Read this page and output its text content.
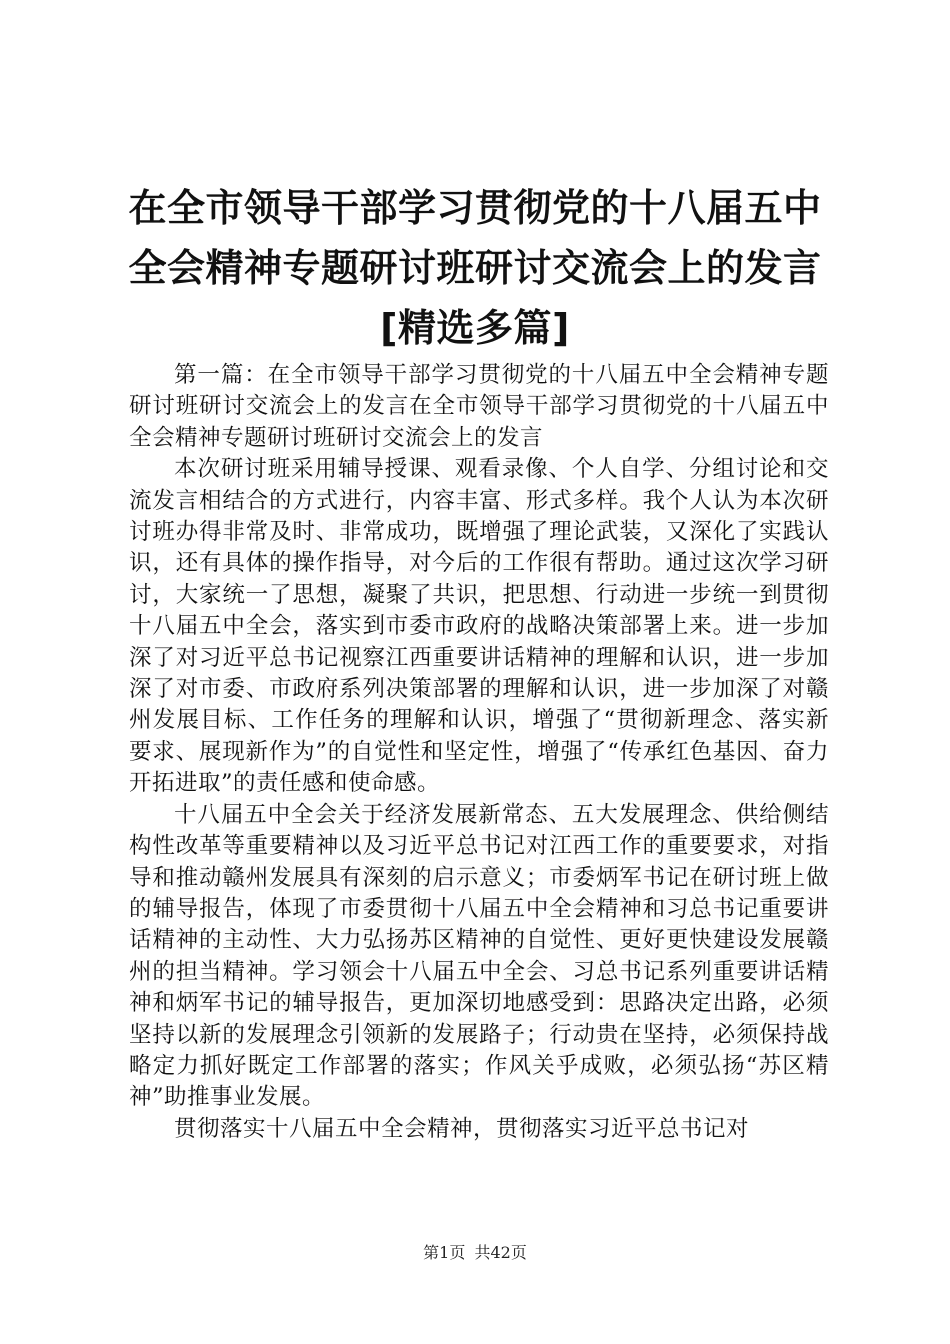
在全市领导干部学习贯彻党的十八届五中全会精神专题研讨班研讨交流会上的发言[精选多篇]

第一篇：在全市领导干部学习贯彻党的十八届五中全会精神专题研讨班研讨交流会上的发言在全市领导干部学习贯彻党的十八届五中全会精神专题研讨班研讨交流会上的发言

本次研讨班采用辅导授课、观看录像、个人自学、分组讨论和交流发言相结合的方式进行，内容丰富、形式多样。我个人认为本次研讨班办得非常及时、非常成功，既增强了理论武装，又深化了实践认识，还有具体的操作指导，对今后的工作很有帮助。通过这次学习研讨，大家统一了思想，凝聚了共识，把思想、行动进一步统一到贯彻十八届五中全会，落实到市委市政府的战略决策部署上来。进一步加深了对习近平总书记视察江西重要讲话精神的理解和认识，进一步加深了对市委、市政府系列决策部署的理解和认识，进一步加深了对赣州发展目标、工作任务的理解和认识，增强了“贯彻新理念、落实新要求、展现新作为”的自觉性和坚定性，增强了“传承红色基因、奋力开拓进取”的责任感和使命感。

十八届五中全会关于经济发展新常态、五大发展理念、供给侧结构性改革等重要精神以及习近平总书记对江西工作的重要要求，对指导和推动赣州发展具有深刻的启示意义；市委炳军书记在研讨班上做的辅导报告，体现了市委贯彻十八届五中全会精神和习总书记重要讲话精神的主动性、大力弘扬苏区精神的自觉性、更好更快建设发展赣州的担当精神。学习领会十八届五中全会、习总书记系列重要讲话精神和炳军书记的辅导报告，更加深切地感受到：思路决定出路，必须坚持以新的发展理念引领新的发展路子；行动贵在坚持，必须保持战略定力抓好既定工作部署的落实；作风关乎成败，必须弘扬“苏区精神”助推事业发展。

贯彻落实十八届五中全会精神，贯彻落实习近平总书记对

第1页 共42页
